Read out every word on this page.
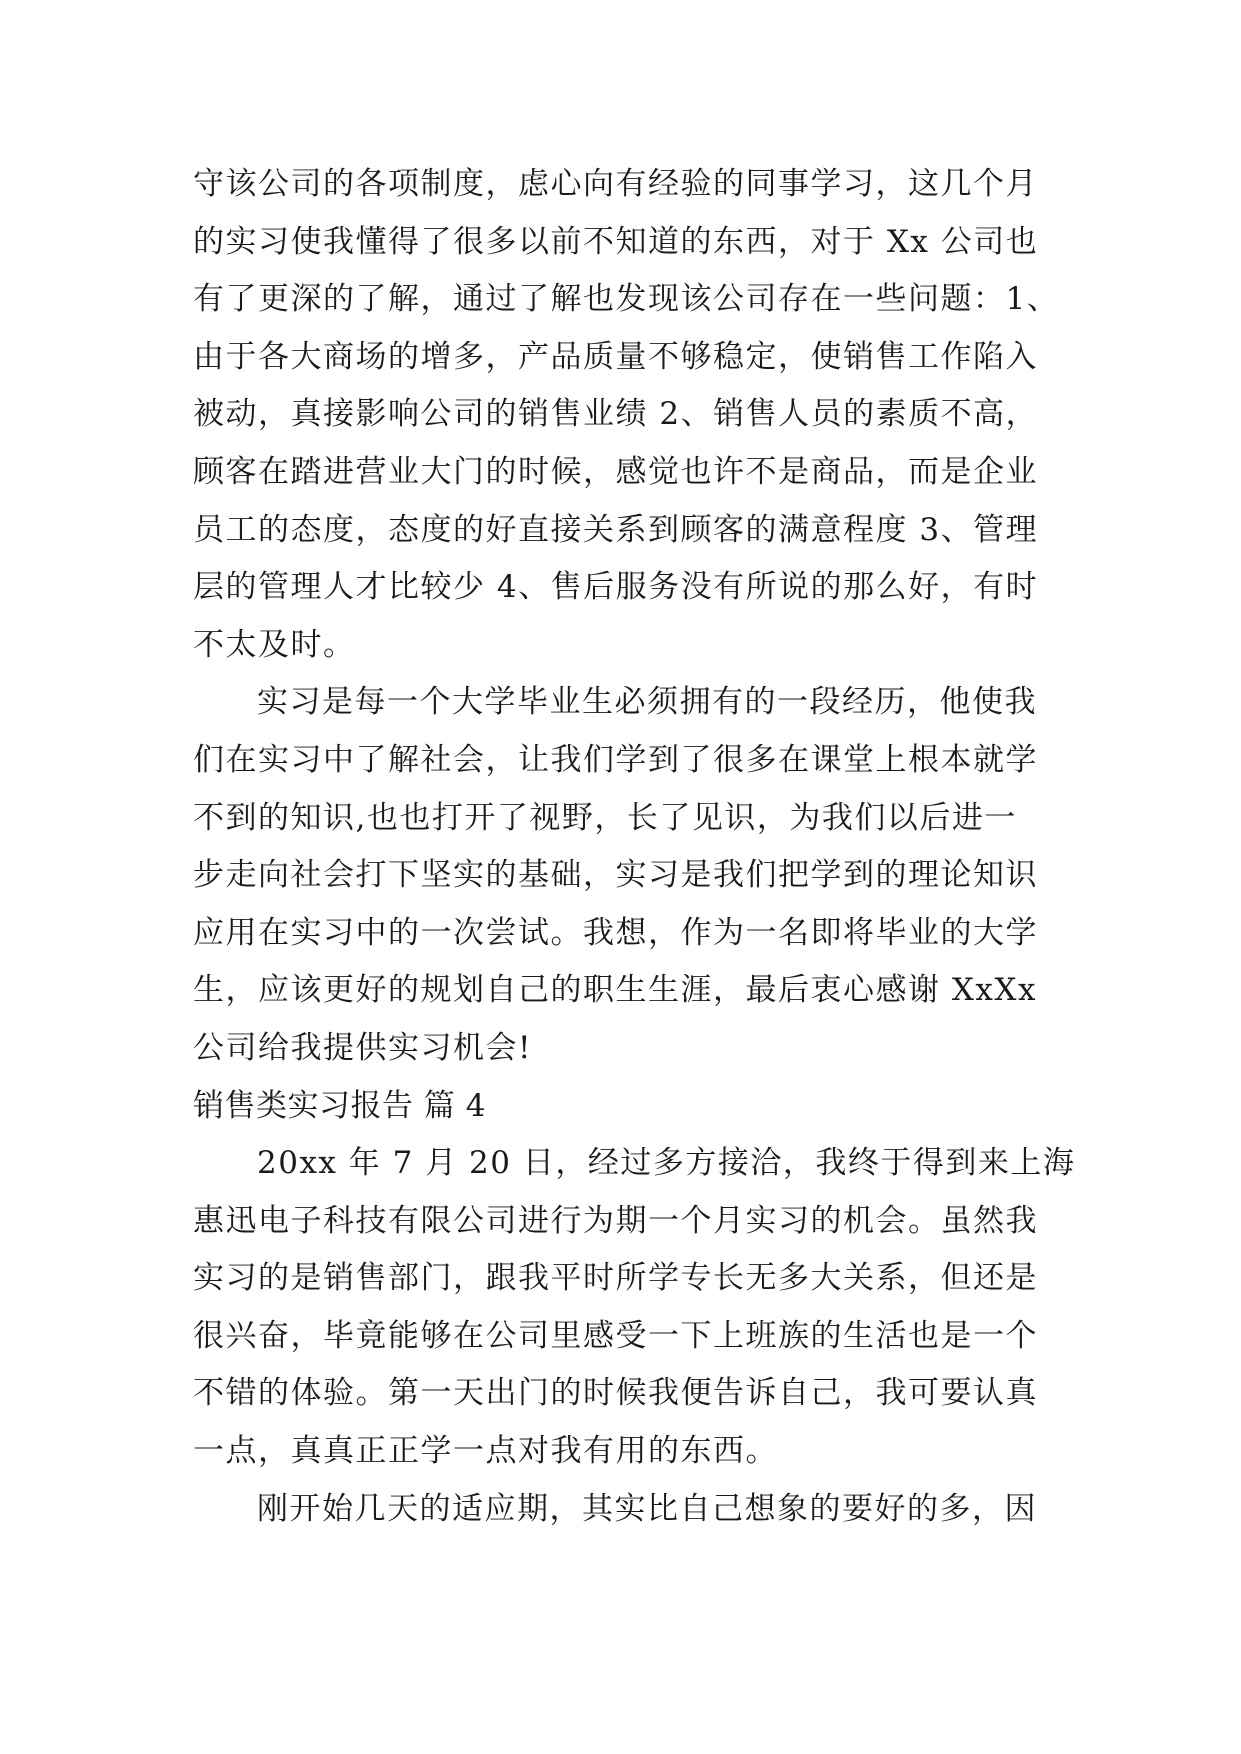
守该公司的各项制度，虑心向有经验的同事学习，这几个月
的实习使我懂得了很多以前不知道的东西，对于 Xx 公司也
有了更深的了解，通过了解也发现该公司存在一些问题：1、
由于各大商场的增多，产品质量不够稳定，使销售工作陷入
被动，真接影响公司的销售业绩 2、销售人员的素质不高，
顾客在踏进营业大门的时候，感觉也许不是商品，而是企业
员工的态度，态度的好直接关系到顾客的满意程度 3、管理
层的管理人才比较少 4、售后服务没有所说的那么好，有时
不太及时。
实习是每一个大学毕业生必须拥有的一段经历，他使我
们在实习中了解社会，让我们学到了很多在课堂上根本就学
不到的知识,也也打开了视野，长了见识，为我们以后进一
步走向社会打下坚实的基础，实习是我们把学到的理论知识
应用在实习中的一次尝试。我想，作为一名即将毕业的大学
生，应该更好的规划自己的职生生涯，最后衷心感谢 XxXx
公司给我提供实习机会!
销售类实习报告 篇 4
20xx 年 7 月 20 日，经过多方接洽，我终于得到来上海
惠迅电子科技有限公司进行为期一个月实习的机会。虽然我
实习的是销售部门，跟我平时所学专长无多大关系，但还是
很兴奋，毕竟能够在公司里感受一下上班族的生活也是一个
不错的体验。第一天出门的时候我便告诉自己，我可要认真
一点，真真正正学一点对我有用的东西。
刚开始几天的适应期，其实比自己想象的要好的多，因
